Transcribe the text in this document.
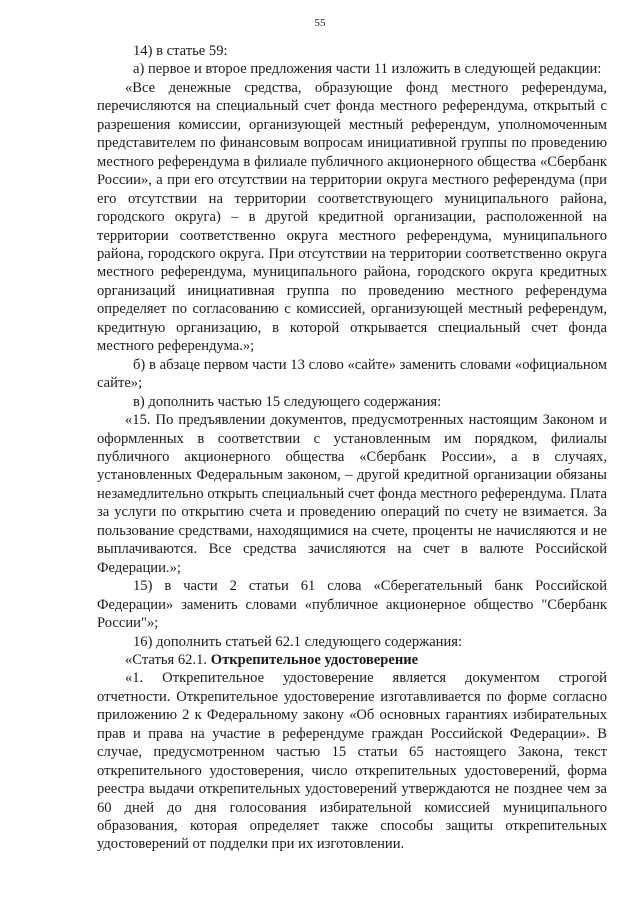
55

14) в статье 59:

а) первое и второе предложения части 11 изложить в следующей редакции:

«Все денежные средства, образующие фонд местного референдума, перечисляются на специальный счет фонда местного референдума, открытый с разрешения комиссии, организующей местный референдум, уполномоченным представителем по финансовым вопросам инициативной группы по проведению местного референдума в филиале публичного акционерного общества «Сбербанк России», а при его отсутствии на территории округа местного референдума (при его отсутствии на территории соответствующего муниципального района, городского округа) – в другой кредитной организации, расположенной на территории соответственно округа местного референдума, муниципального района, городского округа. При отсутствии на территории соответственно округа местного референдума, муниципального района, городского округа кредитных организаций инициативная группа по проведению местного референдума определяет по согласованию с комиссией, организующей местный референдум, кредитную организацию, в которой открывается специальный счет фонда местного референдума.»;

б) в абзаце первом части 13 слово «сайте» заменить словами «официальном сайте»;

в) дополнить частью 15 следующего содержания:

«15. По предъявлении документов, предусмотренных настоящим Законом и оформленных в соответствии с установленным им порядком, филиалы публичного акционерного общества «Сбербанк России», а в случаях, установленных Федеральным законом, – другой кредитной организации обязаны незамедлительно открыть специальный счет фонда местного референдума. Плата за услуги по открытию счета и проведению операций по счету не взимается. За пользование средствами, находящимися на счете, проценты не начисляются и не выплачиваются. Все средства зачисляются на счет в валюте Российской Федерации.»;

15) в части 2 статьи 61 слова «Сберегательный банк Российской Федерации» заменить словами «публичное акционерное общество "Сбербанк России"»;

16) дополнить статьей 62.1 следующего содержания:

«Статья 62.1. Открепительное удостоверение

«1. Открепительное удостоверение является документом строгой отчетности. Открепительное удостоверение изготавливается по форме согласно приложению 2 к Федеральному закону «Об основных гарантиях избирательных прав и права на участие в референдуме граждан Российской Федерации». В случае, предусмотренном частью 15 статьи 65 настоящего Закона, текст открепительного удостоверения, число открепительных удостоверений, форма реестра выдачи открепительных удостоверений утверждаются не позднее чем за 60 дней до дня голосования избирательной комиссией муниципального образования, которая определяет также способы защиты открепительных удостоверений от подделки при их изготовлении.
